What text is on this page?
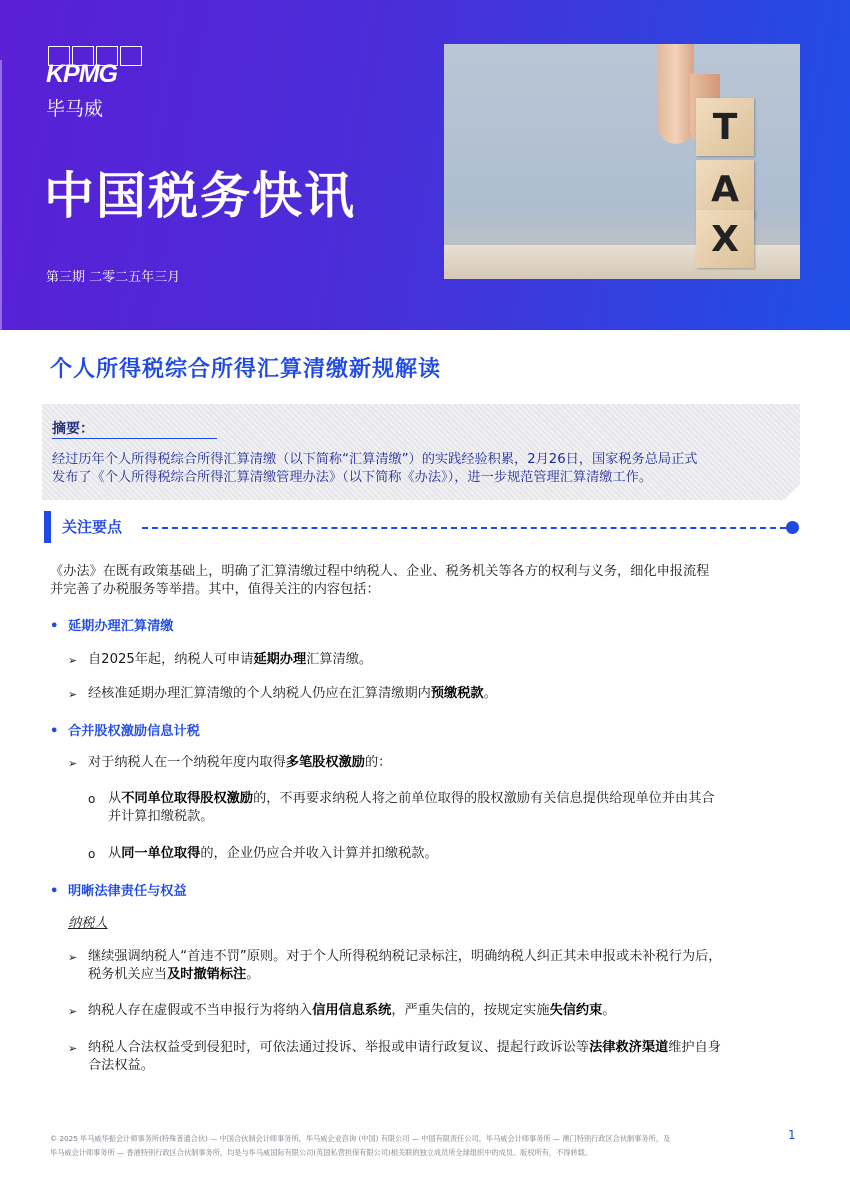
KPMG
毕马威
中国税务快讯
第三期 二零二五年三月
T
A
X
个人所得税综合所得汇算清缴新规解读
摘要：
经过历年个人所得税综合所得汇算清缴（以下简称“汇算清缴”）的实践经验积累，2月26日，国家税务总局正式
发布了《个人所得税综合所得汇算清缴管理办法》（以下简称《办法》），进一步规范管理汇算清缴工作。
关注要点
《办法》在既有政策基础上，明确了汇算清缴过程中纳税人、企业、税务机关等各方的权利与义务，细化申报流程
并完善了办税服务等举措。其中，值得关注的内容包括：
• 延期办理汇算清缴
➢ 自2025年起，纳税人可申请延期办理汇算清缴。
➢ 经核准延期办理汇算清缴的个人纳税人仍应在汇算清缴期内预缴税款。
• 合并股权激励信息计税
➢ 对于纳税人在一个纳税年度内取得多笔股权激励的：
o 从不同单位取得股权激励的，不再要求纳税人将之前单位取得的股权激励有关信息提供给现单位并由其合
并计算扣缴税款。
o 从同一单位取得的，企业仍应合并收入计算并扣缴税款。
• 明晰法律责任与权益
纳税人
➢ 继续强调纳税人“首违不罚”原则。对于个人所得税纳税记录标注，明确纳税人纠正其未申报或未补税行为后，
税务机关应当及时撤销标注。
➢ 纳税人存在虚假或不当申报行为将纳入信用信息系统，严重失信的，按规定实施失信约束。
➢ 纳税人合法权益受到侵犯时，可依法通过投诉、举报或申请行政复议、提起行政诉讼等法律救济渠道维护自身
合法权益。
© 2025 毕马威华振会计师事务所(特殊普通合伙) — 中国合伙制会计师事务所，毕马威企业咨询 (中国) 有限公司 — 中国有限责任公司，毕马威会计师事务所 — 澳门特别行政区合伙制事务所，及
毕马威会计师事务所 — 香港特别行政区合伙制事务所，均是与毕马威国际有限公司(英国私营担保有限公司)相关联的独立成员所全球组织中的成员。版权所有，不得转载。
1
